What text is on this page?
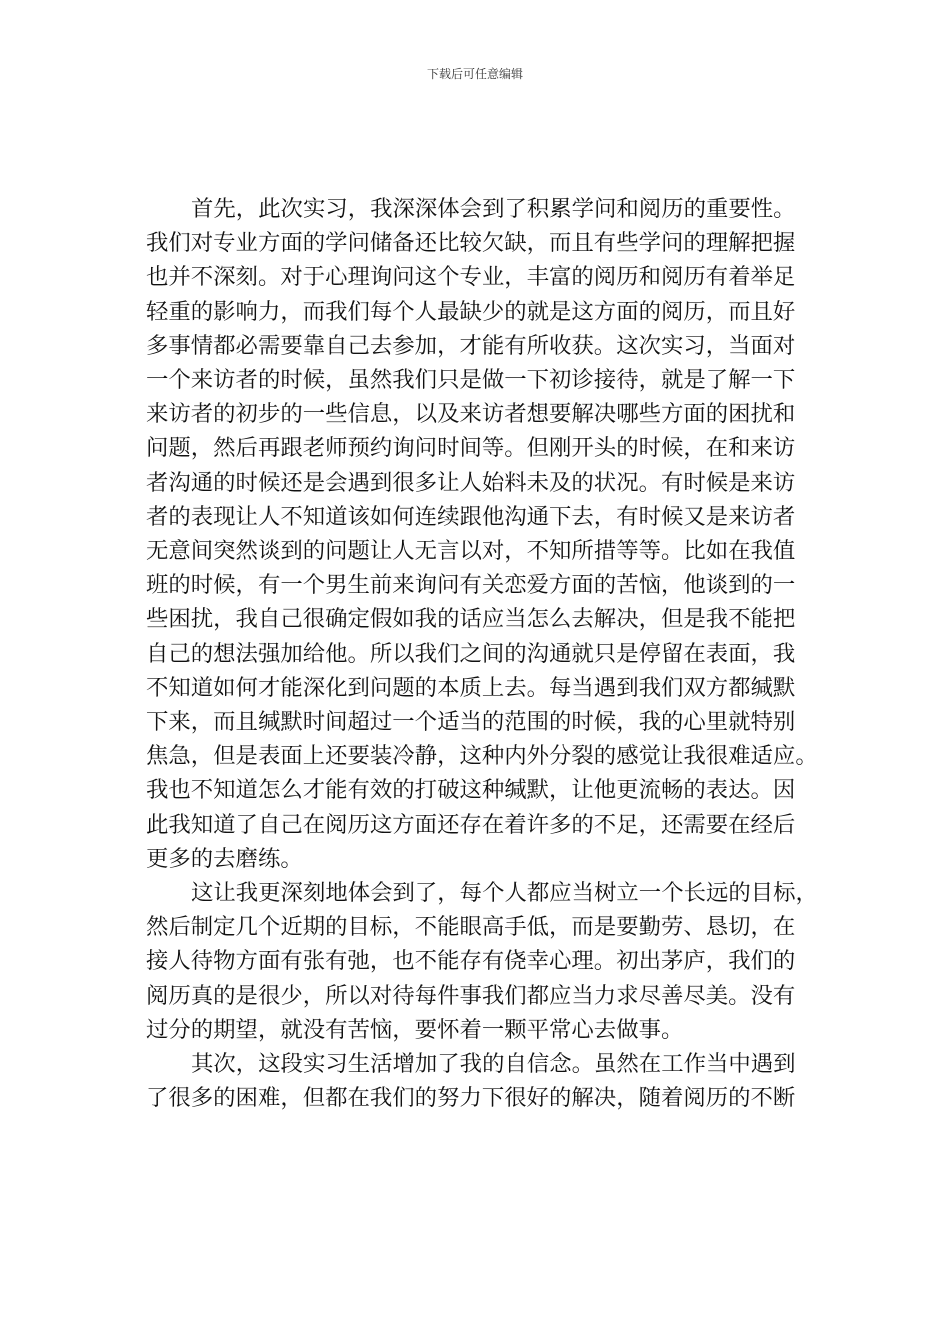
下载后可任意编辑
首先，此次实习，我深深体会到了积累学问和阅历的重要性。
我们对专业方面的学问储备还比较欠缺，而且有些学问的理解把握
也并不深刻。对于心理询问这个专业，丰富的阅历和阅历有着举足
轻重的影响力，而我们每个人最缺少的就是这方面的阅历，而且好
多事情都必需要靠自己去参加，才能有所收获。这次实习，当面对
一个来访者的时候，虽然我们只是做一下初诊接待，就是了解一下
来访者的初步的一些信息，以及来访者想要解决哪些方面的困扰和
问题，然后再跟老师预约询问时间等。但刚开头的时候，在和来访
者沟通的时候还是会遇到很多让人始料未及的状况。有时候是来访
者的表现让人不知道该如何连续跟他沟通下去，有时候又是来访者
无意间突然谈到的问题让人无言以对，不知所措等等。比如在我值
班的时候，有一个男生前来询问有关恋爱方面的苦恼，他谈到的一
些困扰，我自己很确定假如我的话应当怎么去解决，但是我不能把
自己的想法强加给他。所以我们之间的沟通就只是停留在表面，我
不知道如何才能深化到问题的本质上去。每当遇到我们双方都缄默
下来，而且缄默时间超过一个适当的范围的时候，我的心里就特别
焦急，但是表面上还要装冷静，这种内外分裂的感觉让我很难适应。
我也不知道怎么才能有效的打破这种缄默，让他更流畅的表达。因
此我知道了自己在阅历这方面还存在着许多的不足，还需要在经后
更多的去磨练。
这让我更深刻地体会到了，每个人都应当树立一个长远的目标，
然后制定几个近期的目标，不能眼高手低，而是要勤劳、恳切，在
接人待物方面有张有弛，也不能存有侥幸心理。初出茅庐，我们的
阅历真的是很少，所以对待每件事我们都应当力求尽善尽美。没有
过分的期望，就没有苦恼，要怀着一颗平常心去做事。
其次，这段实习生活增加了我的自信念。虽然在工作当中遇到
了很多的困难，但都在我们的努力下很好的解决，随着阅历的不断
